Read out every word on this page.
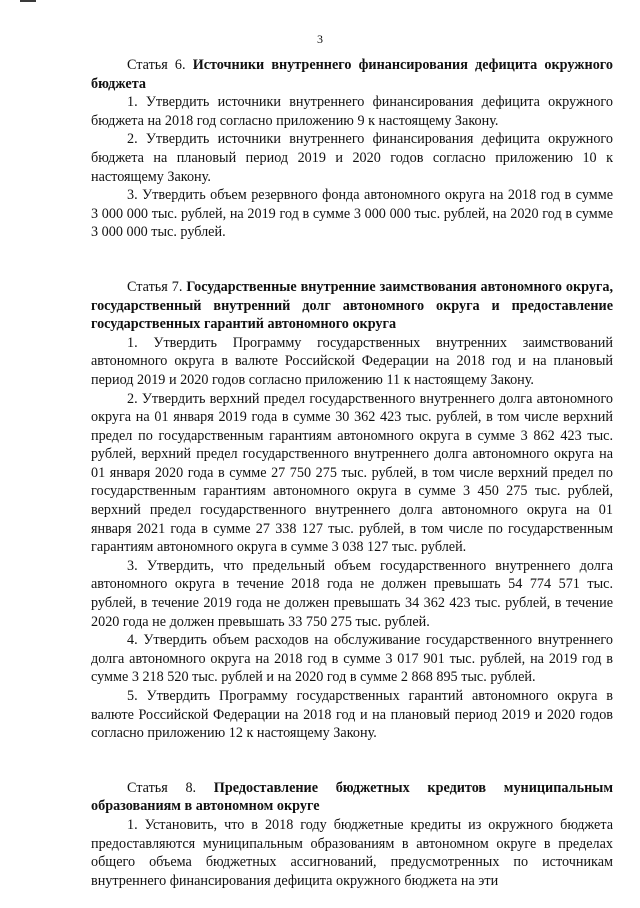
3

Статья 6. Источники внутреннего финансирования дефицита окружного бюджета

1. Утвердить источники внутреннего финансирования дефицита окружного бюджета на 2018 год согласно приложению 9 к настоящему Закону.

2. Утвердить источники внутреннего финансирования дефицита окружного бюджета на плановый период 2019 и 2020 годов согласно приложению 10 к настоящему Закону.

3. Утвердить объем резервного фонда автономного округа на 2018 год в сумме 3 000 000 тыс. рублей, на 2019 год в сумме 3 000 000 тыс. рублей, на 2020 год в сумме 3 000 000 тыс. рублей.

Статья 7. Государственные внутренние заимствования автономного округа, государственный внутренний долг автономного округа и предоставление государственных гарантий автономного округа

1. Утвердить Программу государственных внутренних заимствований автономного округа в валюте Российской Федерации на 2018 год и на плановый период 2019 и 2020 годов согласно приложению 11 к настоящему Закону.

2. Утвердить верхний предел государственного внутреннего долга автономного округа на 01 января 2019 года в сумме 30 362 423 тыс. рублей, в том числе верхний предел по государственным гарантиям автономного округа в сумме 3 862 423 тыс. рублей, верхний предел государственного внутреннего долга автономного округа на 01 января 2020 года в сумме 27 750 275 тыс. рублей, в том числе верхний предел по государственным гарантиям автономного округа в сумме 3 450 275 тыс. рублей, верхний предел государственного внутреннего долга автономного округа на 01 января 2021 года в сумме 27 338 127 тыс. рублей, в том числе по государственным гарантиям автономного округа в сумме 3 038 127 тыс. рублей.

3. Утвердить, что предельный объем государственного внутреннего долга автономного округа в течение 2018 года не должен превышать 54 774 571 тыс. рублей, в течение 2019 года не должен превышать 34 362 423 тыс. рублей, в течение 2020 года не должен превышать 33 750 275 тыс. рублей.

4. Утвердить объем расходов на обслуживание государственного внутреннего долга автономного округа на 2018 год в сумме 3 017 901 тыс. рублей, на 2019 год в сумме 3 218 520 тыс. рублей и на 2020 год в сумме 2 868 895 тыс. рублей.

5. Утвердить Программу государственных гарантий автономного округа в валюте Российской Федерации на 2018 год и на плановый период 2019 и 2020 годов согласно приложению 12 к настоящему Закону.

Статья 8. Предоставление бюджетных кредитов муниципальным образованиям в автономном округе

1. Установить, что в 2018 году бюджетные кредиты из окружного бюджета предоставляются муниципальным образованиям в автономном округе в пределах общего объема бюджетных ассигнований, предусмотренных по источникам внутреннего финансирования дефицита окружного бюджета на эти
